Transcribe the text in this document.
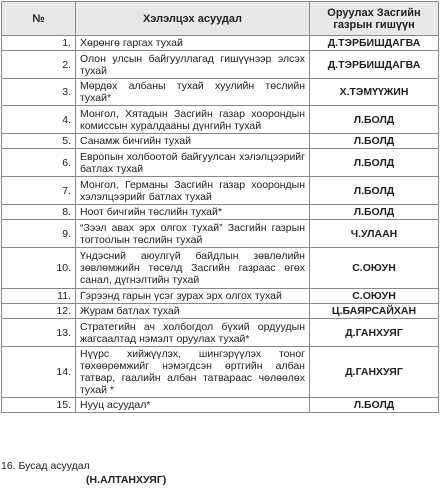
№	Хэлэлцэх асуудал	Оруулах Засгийн газрын гишүүн
1.	Хөрөнгө гаргах тухай	Д.ТЭРБИШДАГВА
2.	Олон улсын байгууллагад гишүүнээр элсэх тухай	Д.ТЭРБИШДАГВА
3.	Мөрдөх албаны тухай хуулийн төслийн тухай*	Х.ТЭМҮҮЖИН
4.	Монгол, Хятадын Засгийн газар хоорондын комиссын хуралдааны дүнгийн тухай	Л.БОЛД
5.	Санамж бичгийн тухай	Л.БОЛД
6.	Европын холбоотой байгуулсан хэлэлцээрийг батлах тухай	Л.БОЛД
7.	Монгол, Германы Засгийн газар хоорондын хэлэлцээрийг батлах тухай	Л.БОЛД
8.	Ноот бичгийн төслийн тухай*	Л.БОЛД
9.	“Зээл авах эрх олгох тухай” Засгийн газрын тогтоолын төслийн тухай	Ч.УЛААН
10.	Үндэсний аюулгүй байдлын зөвлөлийн зөвлөмжийн төсөлд Засгийн газраас өгөх санал, дүгнэлтийн тухай	С.ОЮУН
11.	Гэрээнд гарын үсэг зурах эрх олгох тухай	С.ОЮУН
12.	Журам батлах тухай	Ц.БАЯРСАЙХАН
13.	Стратегийн ач холбогдол бүхий ордуудын жагсаалтад нэмэлт оруулах тухай*	Д.ГАНХУЯГ
14.	Нүүрс хийжүүлэх, шингэрүүлэх тоног төхөөрөмжийг нэмэгдсэн өртгийн албан татвар, гаалийн албан татвараас чөлөөлөх тухай *	Д.ГАНХУЯГ
15.	Нууц асуудал*	Л.БОЛД
16. Бусад асуудал
(Н.АЛТАНХУЯГ)
